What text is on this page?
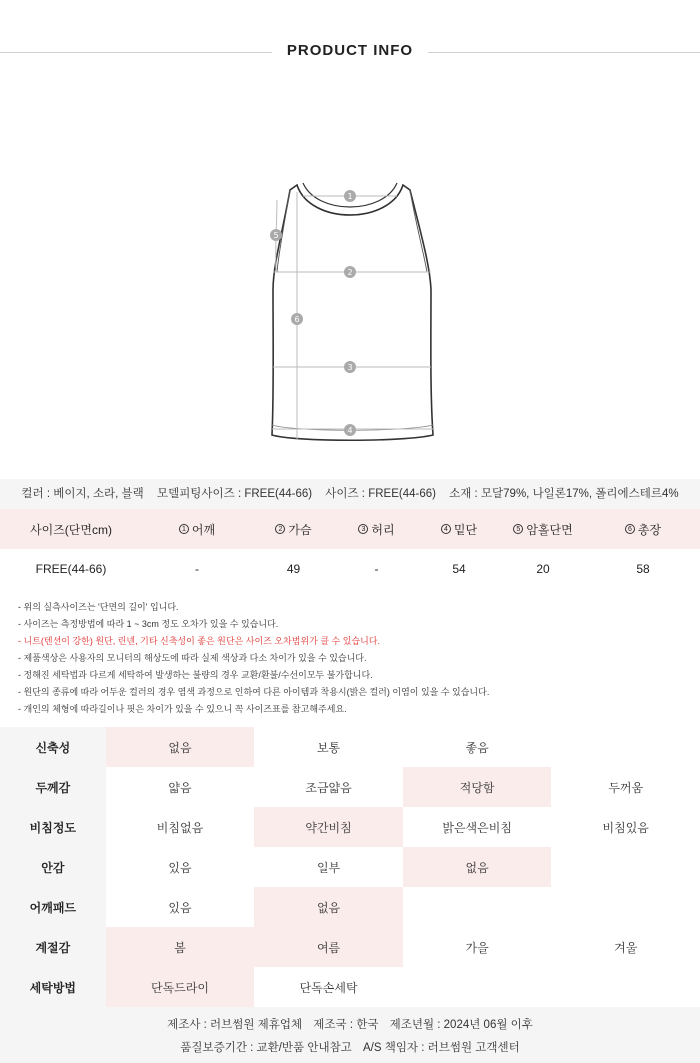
PRODUCT INFO
1
2
3
4
5
6
컬러 : 베이지, 소라, 블랙 모델피팅사이즈 : FREE(44-66) 사이즈 : FREE(44-66) 소재 : 모달79%, 나일론17%, 폴리에스테르4%
사이즈(단면cm)	1 어깨	2 가슴	3 허리	4 밑단	5 암홀단면	6 총장
FREE(44-66)	-	49	-	54	20	58
- 위의 실측사이즈는 '단면의 길이' 입니다.
- 사이즈는 측정방법에 따라 1 ~ 3cm 정도 오차가 있을 수 있습니다.
- 니트(텐션이 강한) 원단, 린넨, 기타 신축성이 좋은 원단은 사이즈 오차범위가 클 수 있습니다.
- 제품색상은 사용자의 모니터의 해상도에 따라 실제 색상과 다소 차이가 있을 수 있습니다.
- 정해진 세탁법과 다르게 세탁하여 발생하는 불량의 경우 교환/환불/수선이모두 불가합니다.
- 원단의 종류에 따라 어두운 컬러의 경우 염색 과정으로 인하여 다른 아이템과 착용시(밝은 컬러) 이염이 있을 수 있습니다.
- 개인의 체형에 따라길이나 핏은 차이가 있을 수 있으니 꼭 사이즈표를 참고해주세요.
신축성	없음	보통	좋음
두께감	얇음	조금얇음	적당함	두꺼움
비침정도	비침없음	약간비침	밝은색은비침	비침있음
안감	있음	일부	없음
어깨패드	있음	없음
계절감	봄	여름	가을	겨울
세탁방법	단독드라이	단독손세탁
제조사 : 러브썸원 제휴업체 제조국 : 한국 제조년월 : 2024년 06월 이후
품질보증기간 : 교환/반품 안내참고 A/S 책임자 : 러브썸원 고객센터
